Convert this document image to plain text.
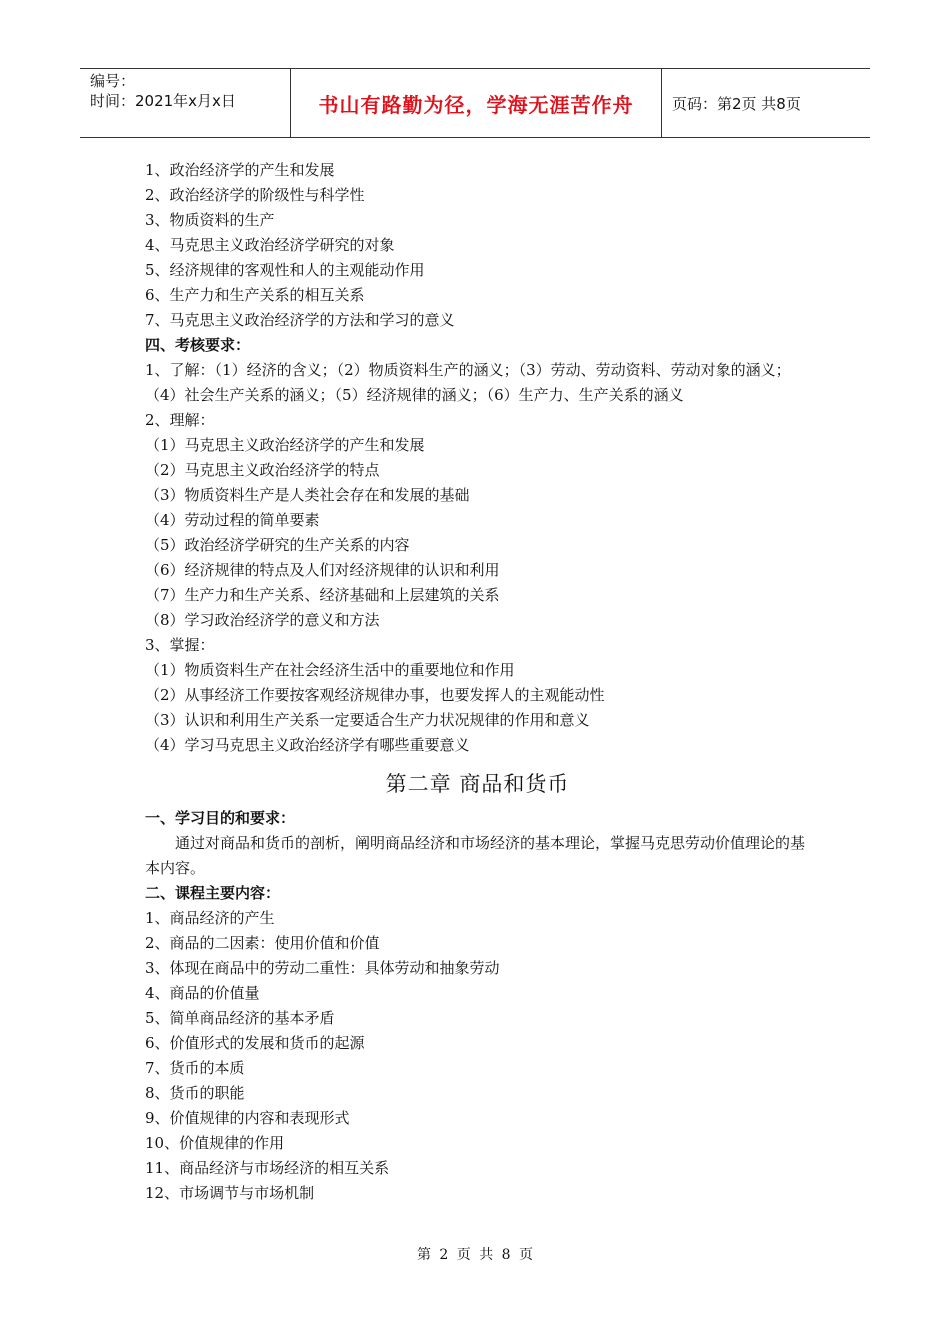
编号：
时间：2021年x月x日	书山有路勤为径，学海无涯苦作舟	页码：第2页 共8页
1、政治经济学的产生和发展
2、政治经济学的阶级性与科学性
3、物质资料的生产
4、马克思主义政治经济学研究的对象
5、经济规律的客观性和人的主观能动作用
6、生产力和生产关系的相互关系
7、马克思主义政治经济学的方法和学习的意义
四、考核要求：
1、了解：（1）经济的含义；（2）物质资料生产的涵义；（3）劳动、劳动资料、劳动对象的涵义；（4）社会生产关系的涵义；（5）经济规律的涵义；（6）生产力、生产关系的涵义
2、理解：
（1）马克思主义政治经济学的产生和发展
（2）马克思主义政治经济学的特点
（3）物质资料生产是人类社会存在和发展的基础
（4）劳动过程的简单要素
（5）政治经济学研究的生产关系的内容
（6）经济规律的特点及人们对经济规律的认识和利用
（7）生产力和生产关系、经济基础和上层建筑的关系
（8）学习政治经济学的意义和方法
3、掌握：
（1）物质资料生产在社会经济生活中的重要地位和作用
（2）从事经济工作要按客观经济规律办事，也要发挥人的主观能动性
（3）认识和利用生产关系一定要适合生产力状况规律的作用和意义
（4）学习马克思主义政治经济学有哪些重要意义
第二章 商品和货币
一、学习目的和要求：
通过对商品和货币的剖析，阐明商品经济和市场经济的基本理论，掌握马克思劳动价值理论的基本内容。
二、课程主要内容：
1、商品经济的产生
2、商品的二因素：使用价值和价值
3、体现在商品中的劳动二重性：具体劳动和抽象劳动
4、商品的价值量
5、简单商品经济的基本矛盾
6、价值形式的发展和货币的起源
7、货币的本质
8、货币的职能
9、价值规律的内容和表现形式
10、价值规律的作用
11、商品经济与市场经济的相互关系
12、市场调节与市场机制
第 2 页 共 8 页
